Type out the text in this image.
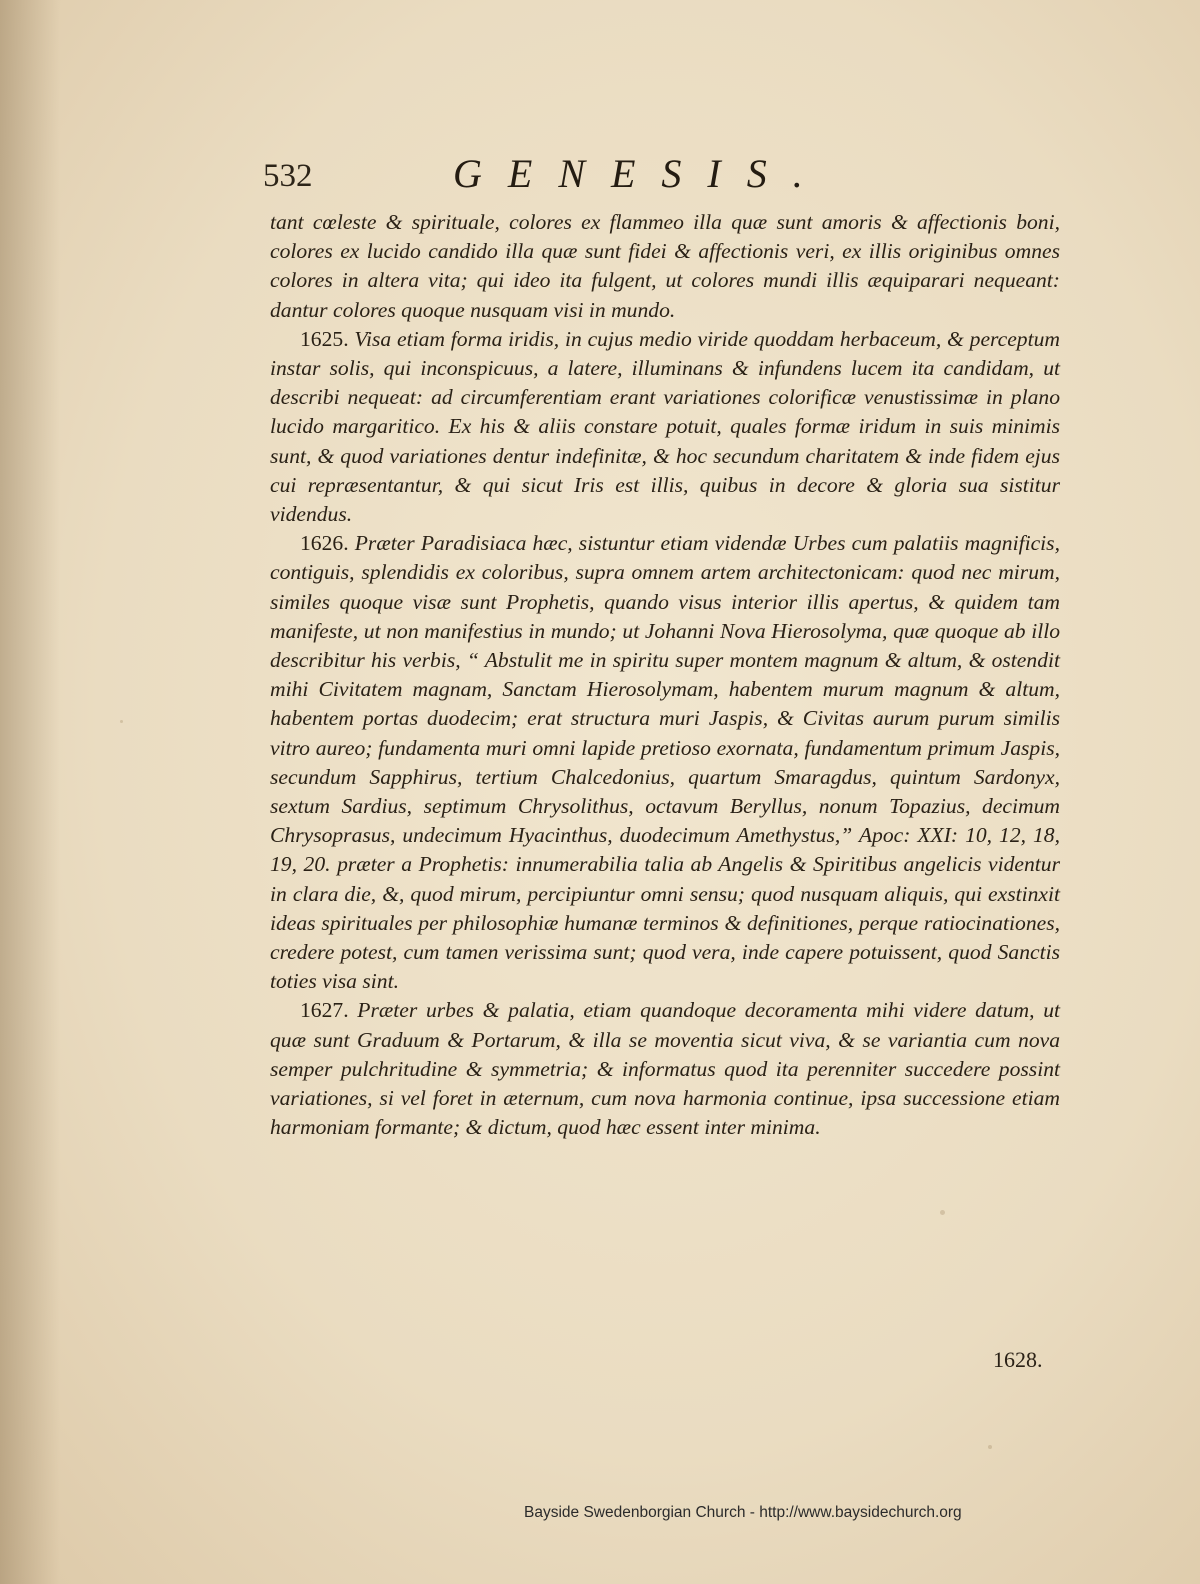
532	GENESIS.

tant cœleste & spirituale, colores ex flammeo illa quæ sunt amoris & affectionis boni, colores ex lucido candido illa quæ sunt fidei & affectionis veri, ex illis originibus omnes colores in altera vita; qui ideo ita fulgent, ut colores mundi illis æquiparari nequeant: dantur colores quoque nusquam visi in mundo.

1625. Visa etiam forma iridis, in cujus medio viride quoddam herbaceum, & perceptum instar solis, qui inconspicuus, a latere, illuminans & infundens lucem ita candidam, ut describi nequeat: ad circumferentiam erant variationes colorificæ venustissimæ in plano lucido margaritico. Ex his & aliis constare potuit, quales formæ iridum in suis minimis sunt, & quod variationes dentur indefinitæ, & hoc secundum charitatem & inde fidem ejus cui repræsentantur, & qui sicut Iris est illis, quibus in decore & gloria sua sistitur videndus.

1626. Præter Paradisiaca hæc, sistuntur etiam videndæ Urbes cum palatiis magnificis, contiguis, splendidis ex coloribus, supra omnem artem architectonicam: quod nec mirum, similes quoque visæ sunt Prophetis, quando visus interior illis apertus, & quidem tam manifeste, ut non manifestius in mundo; ut Johanni Nova Hierosolyma, quæ quoque ab illo describitur his verbis, “ Abstulit me in spiritu super montem magnum & altum, & ostendit mihi Civitatem magnam, Sanctam Hierosolymam, habentem murum magnum & altum, habentem portas duodecim; erat structura muri Jaspis, & Civitas aurum purum similis vitro aureo; fundamenta muri omni lapide pretioso exornata, fundamentum primum Jaspis, secundum Sapphirus, tertium Chalcedonius, quartum Smaragdus, quintum Sardonyx, sextum Sardius, septimum Chrysolithus, octavum Beryllus, nonum Topazius, decimum Chrysoprasus, undecimum Hyacinthus, duodecimum Amethystus,” Apoc: XXI: 10, 12, 18, 19, 20. præter a Prophetis: innumerabilia talia ab Angelis & Spiritibus angelicis videntur in clara die, &, quod mirum, percipiuntur omni sensu; quod nusquam aliquis, qui exstinxit ideas spirituales per philosophiæ humanæ terminos & definitiones, perque ratiocinationes, credere potest, cum tamen verissima sunt; quod vera, inde capere potuissent, quod Sanctis toties visa sint.

1627. Præter urbes & palatia, etiam quandoque decoramenta mihi videre datum, ut quæ sunt Graduum & Portarum, & illa se moventia sicut viva, & se variantia cum nova semper pulchritudine & symmetria; & informatus quod ita perenniter succedere possint variationes, si vel foret in æternum, cum nova harmonia continue, ipsa successione etiam harmoniam formante; & dictum, quod hæc essent inter minima.

1628.
Bayside Swedenborgian Church - http://www.baysidechurch.org
